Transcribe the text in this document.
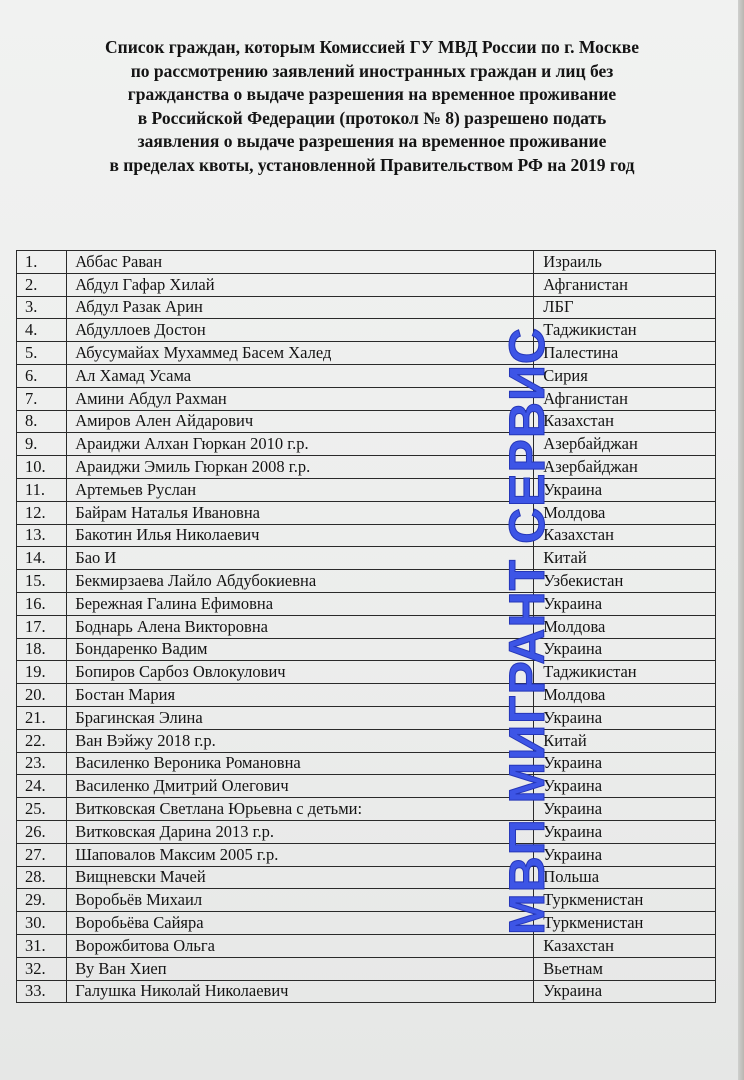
Список граждан, которым Комиссией ГУ МВД России по г. Москве
по рассмотрению заявлений иностранных граждан и лиц без
гражданства о выдаче разрешения на временное проживание
в Российской Федерации (протокол № 8) разрешено подать
заявления о выдаче разрешения на временное проживание
в пределах квоты, установленной Правительством РФ на 2019 год
1.	Аббас Раван	Израиль
2.	Абдул Гафар Хилай	Афганистан
3.	Абдул Разак Арин	ЛБГ
4.	Абдуллоев Достон	Таджикистан
5.	Абусумайах Мухаммед Басем Халед	Палестина
6.	Ал Хамад Усама	Сирия
7.	Амини Абдул Рахман	Афганистан
8.	Амиров Ален Айдарович	Казахстан
9.	Араиджи Алхан Гюркан 2010 г.р.	Азербайджан
10.	Араиджи Эмиль Гюркан 2008 г.р.	Азербайджан
11.	Артемьев Руслан	Украина
12.	Байрам Наталья Ивановна	Молдова
13.	Бакотин Илья Николаевич	Казахстан
14.	Бао И	Китай
15.	Бекмирзаева Лайло Абдубокиевна	Узбекистан
16.	Бережная Галина Ефимовна	Украина
17.	Боднарь Алена Викторовна	Молдова
18.	Бондаренко Вадим	Украина
19.	Бопиров Сарбоз Овлокулович	Таджикистан
20.	Бостан Мария	Молдова
21.	Брагинская Элина	Украина
22.	Ван Вэйжу 2018 г.р.	Китай
23.	Василенко Вероника Романовна	Украина
24.	Василенко Дмитрий Олегович	Украина
25.	Витковская Светлана Юрьевна с детьми:	Украина
26.	Витковская Дарина 2013 г.р.	Украина
27.	Шаповалов Максим 2005 г.р.	Украина
28.	Вищневски Мачей	Польша
29.	Воробьёв Михаил	Туркменистан
30.	Воробьёва Сайяра	Туркменистан
31.	Ворожбитова Ольга	Казахстан
32.	Ву Ван Хиеп	Вьетнам
33.	Галушка Николай Николаевич	Украина
МВП МИГРАНТ СЕРВИС
